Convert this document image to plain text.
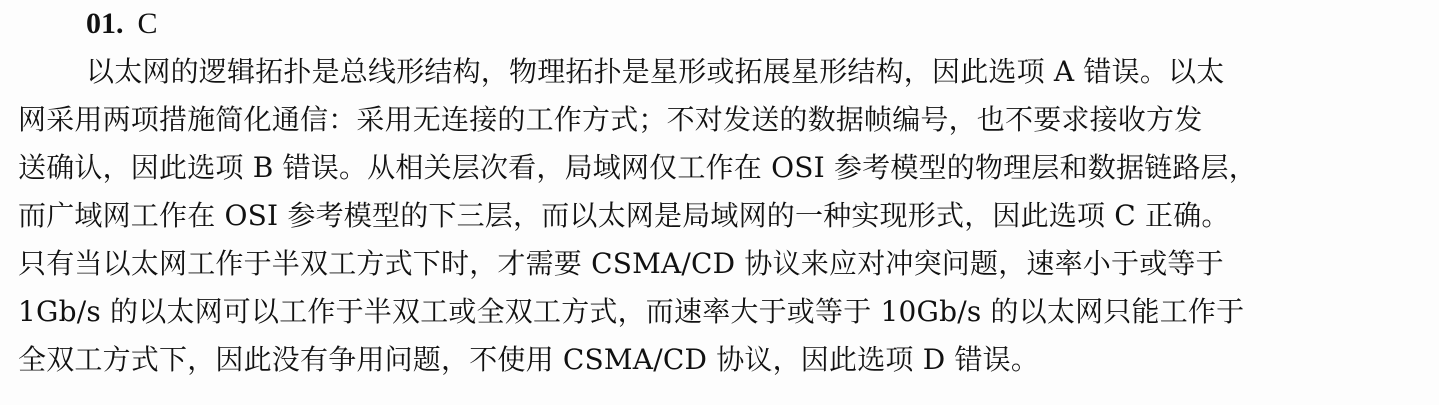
01. C
以太网的逻辑拓扑是总线形结构，物理拓扑是星形或拓展星形结构，因此选项 A 错误。以太
网采用两项措施简化通信：采用无连接的工作方式；不对发送的数据帧编号，也不要求接收方发
送确认，因此选项 B 错误。从相关层次看，局域网仅工作在 OSI 参考模型的物理层和数据链路层，
而广域网工作在 OSI 参考模型的下三层，而以太网是局域网的一种实现形式，因此选项 C 正确。
只有当以太网工作于半双工方式下时，才需要 CSMA/CD 协议来应对冲突问题，速率小于或等于
1Gb/s 的以太网可以工作于半双工或全双工方式，而速率大于或等于 10Gb/s 的以太网只能工作于
全双工方式下，因此没有争用问题，不使用 CSMA/CD 协议，因此选项 D 错误。
